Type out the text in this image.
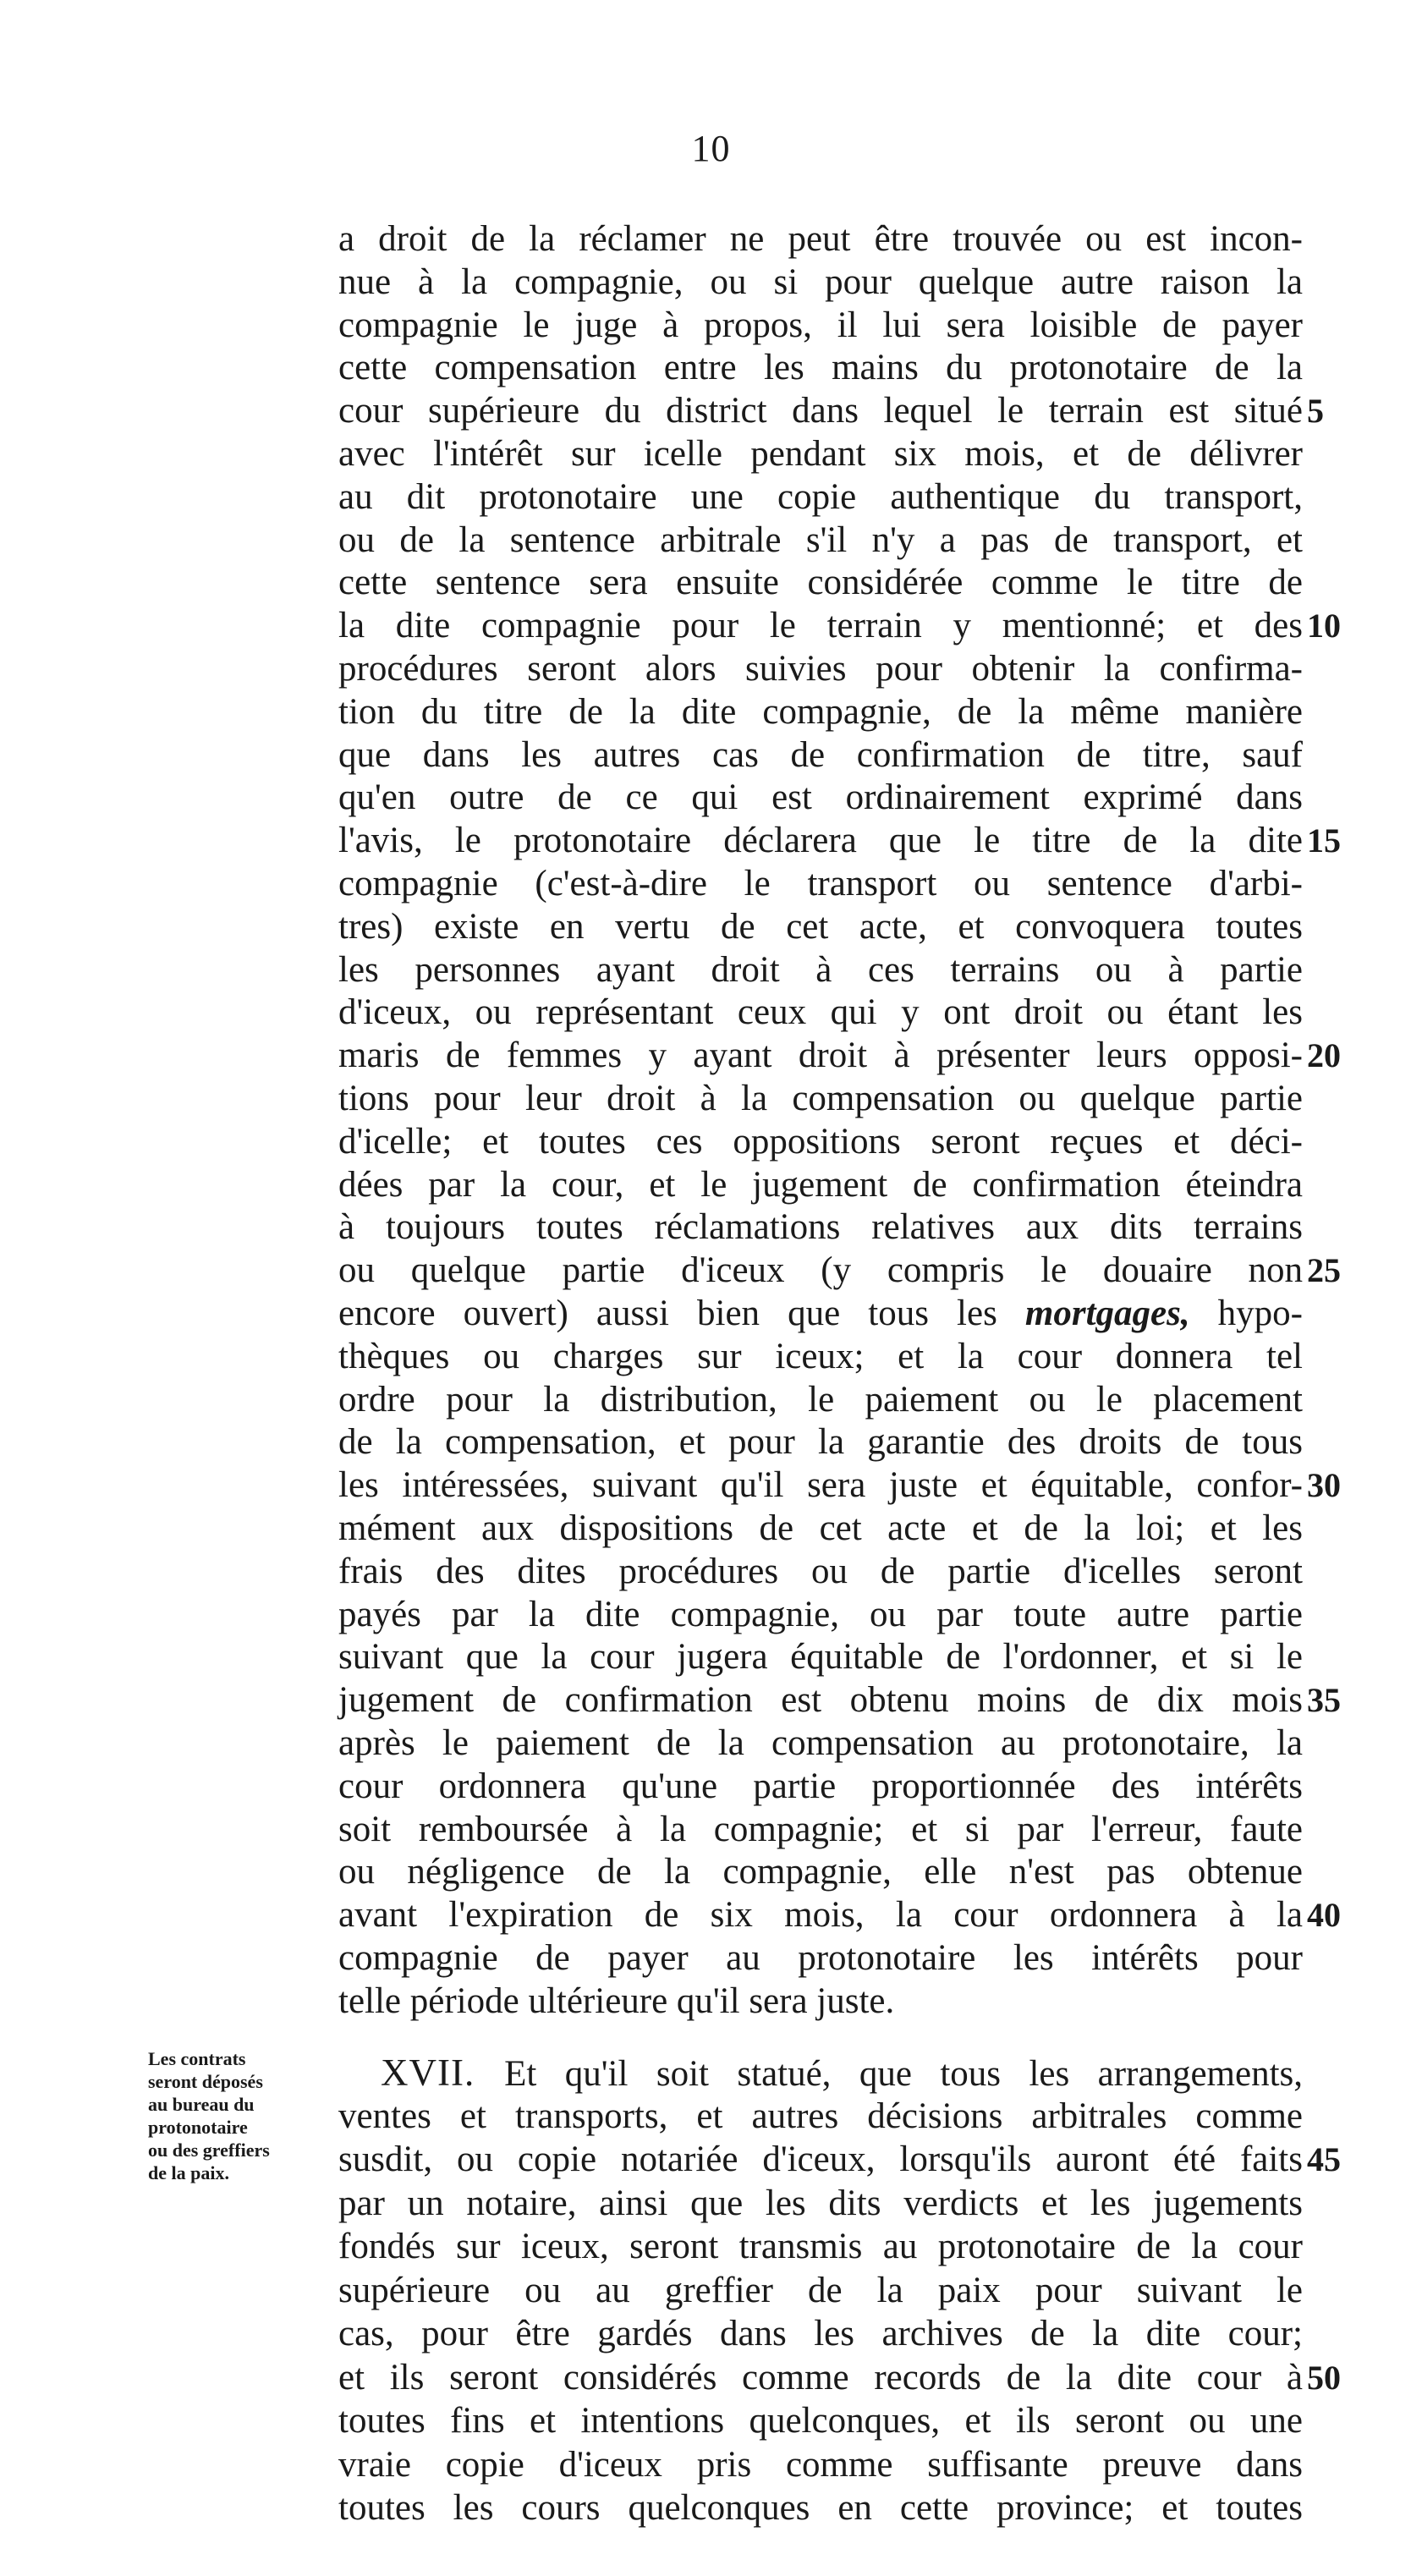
10
a droit de la réclamer ne peut être trouvée ou est incon-
nue à la compagnie, ou si pour quelque autre raison la
compagnie le juge à propos, il lui sera loisible de payer
cette compensation entre les mains du protonotaire de la
cour supérieure du district dans lequel le terrain est situé
avec l'intérêt sur icelle pendant six mois, et de délivrer
au dit protonotaire une copie authentique du transport,
ou de la sentence arbitrale s'il n'y a pas de transport, et
cette sentence sera ensuite considérée comme le titre de
la dite compagnie pour le terrain y mentionné; et des
procédures seront alors suivies pour obtenir la confirma-
tion du titre de la dite compagnie, de la même manière
que dans les autres cas de confirmation de titre, sauf
qu'en outre de ce qui est ordinairement exprimé dans
l'avis, le protonotaire déclarera que le titre de la dite
compagnie (c'est-à-dire le transport ou sentence d'arbi-
tres) existe en vertu de cet acte, et convoquera toutes
les personnes ayant droit à ces terrains ou à partie
d'iceux, ou représentant ceux qui y ont droit ou étant les
maris de femmes y ayant droit à présenter leurs opposi-
tions pour leur droit à la compensation ou quelque partie
d'icelle; et toutes ces oppositions seront reçues et déci-
dées par la cour, et le jugement de confirmation éteindra
à toujours toutes réclamations relatives aux dits terrains
ou quelque partie d'iceux (y compris le douaire non
encore ouvert) aussi bien que tous les mortgages, hypo-
thèques ou charges sur iceux; et la cour donnera tel
ordre pour la distribution, le paiement ou le placement
de la compensation, et pour la garantie des droits de tous
les intéressées, suivant qu'il sera juste et équitable, confor-
mément aux dispositions de cet acte et de la loi; et les
frais des dites procédures ou de partie d'icelles seront
payés par la dite compagnie, ou par toute autre partie
suivant que la cour jugera équitable de l'ordonner, et si le
jugement de confirmation est obtenu moins de dix mois
après le paiement de la compensation au protonotaire, la
cour ordonnera qu'une partie proportionnée des intérêts
soit remboursée à la compagnie; et si par l'erreur, faute
ou négligence de la compagnie, elle n'est pas obtenue
avant l'expiration de six mois, la cour ordonnera à la
compagnie de payer au protonotaire les intérêts pour
telle période ultérieure qu'il sera juste.
XVII. Et qu'il soit statué, que tous les arrangements,
ventes et transports, et autres décisions arbitrales comme
susdit, ou copie notariée d'iceux, lorsqu'ils auront été faits
par un notaire, ainsi que les dits verdicts et les jugements
fondés sur iceux, seront transmis au protonotaire de la cour
supérieure ou au greffier de la paix pour suivant le
cas, pour être gardés dans les archives de la dite cour;
et ils seront considérés comme records de la dite cour à
toutes fins et intentions quelconques, et ils seront ou une
vraie copie d'iceux pris comme suffisante preuve dans
toutes les cours quelconques en cette province; et toutes
5
10
15
20
25
30
35
40
45
50
Les contrats
seront déposés
au bureau du
protonotaire
ou des greffiers
de la paix.
